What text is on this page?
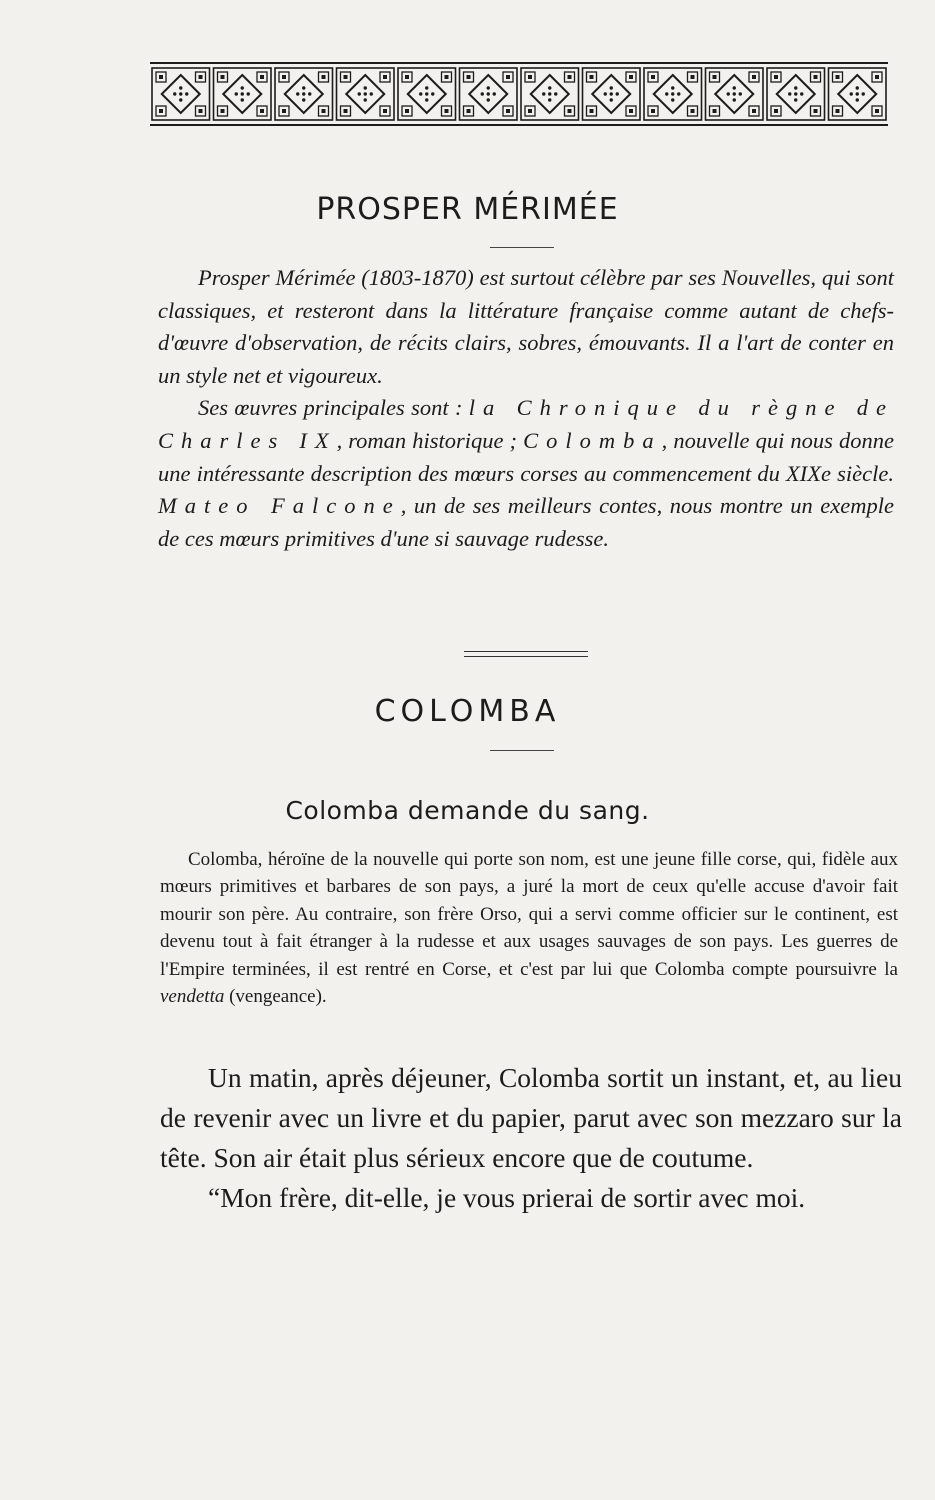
PROSPER MÉRIMÉE

Prosper Mérimée (1803-1870) est surtout célèbre par ses Nouvelles, qui sont classiques, et resteront dans la littérature française comme autant de chefs-d'œuvre d'observation, de récits clairs, sobres, émouvants. Il a l'art de conter en un style net et vigoureux.

Ses œuvres principales sont : la Chronique du règne de Charles IX, roman historique ; Colomba, nouvelle qui nous donne une intéressante description des mœurs corses au commencement du XIXe siècle. Mateo Falcone, un de ses meilleurs contes, nous montre un exemple de ces mœurs primitives d'une si sauvage rudesse.

COLOMBA
Colomba demande du sang.

Colomba, héroïne de la nouvelle qui porte son nom, est une jeune fille corse, qui, fidèle aux mœurs primitives et barbares de son pays, a juré la mort de ceux qu'elle accuse d'avoir fait mourir son père. Au contraire, son frère Orso, qui a servi comme officier sur le continent, est devenu tout à fait étranger à la rudesse et aux usages sauvages de son pays. Les guerres de l'Empire terminées, il est rentré en Corse, et c'est par lui que Colomba compte poursuivre la vendetta (vengeance).

Un matin, après déjeuner, Colomba sortit un instant, et, au lieu de revenir avec un livre et du papier, parut avec son mezzaro sur la tête. Son air était plus sérieux encore que de coutume.

“Mon frère, dit-elle, je vous prierai de sortir avec moi.
